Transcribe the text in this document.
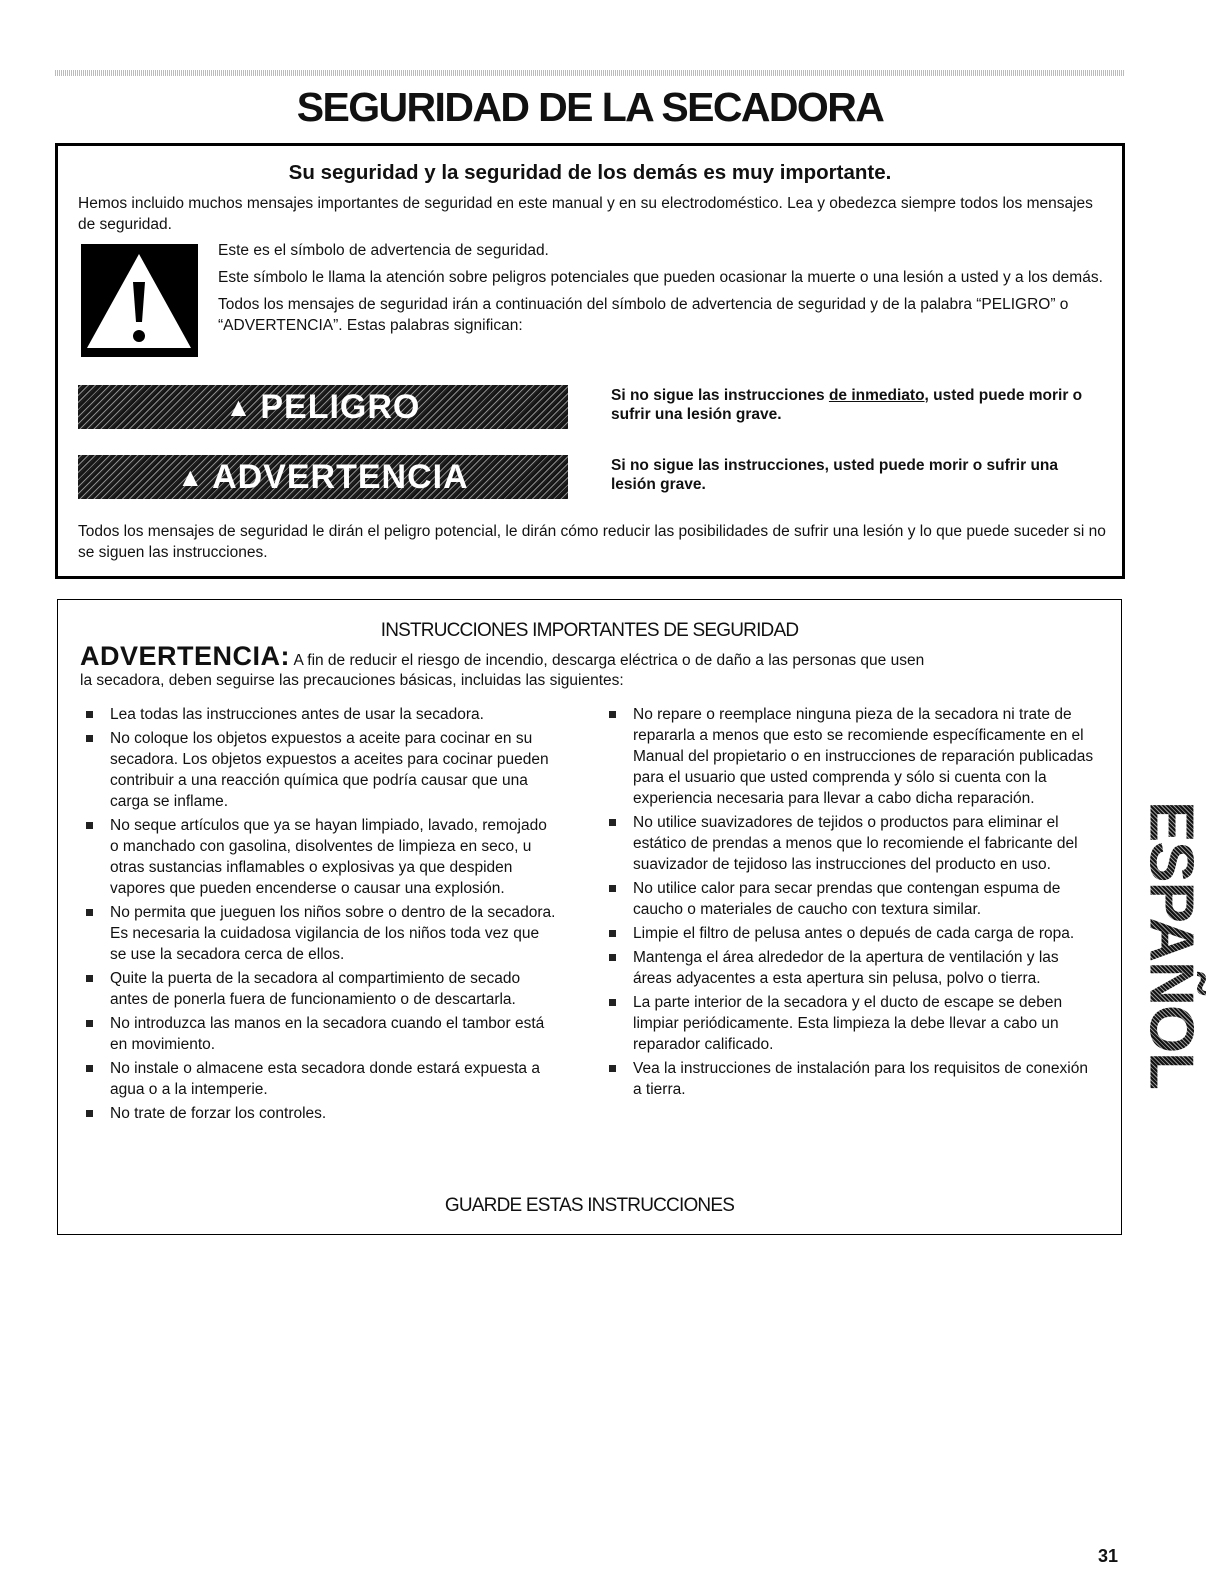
SEGURIDAD DE LA SECADORA
Su seguridad y la seguridad de los demás es muy importante.

Hemos incluido muchos mensajes importantes de seguridad en este manual y en su electrodoméstico. Lea y obedezca siempre todos los mensajes de seguridad.

Este es el símbolo de advertencia de seguridad.

Este símbolo le llama la atención sobre peligros potenciales que pueden ocasionar la muerte o una lesión a usted y a los demás.

Todos los mensajes de seguridad irán a continuación del símbolo de advertencia de seguridad y de la palabra “PELIGRO” o “ADVERTENCIA”. Estas palabras significan:

▲ PELIGRO	Si no sigue las instrucciones de inmediato, usted puede morir o sufrir una lesión grave.
▲ ADVERTENCIA	Si no sigue las instrucciones, usted puede morir o sufrir una lesión grave.

Todos los mensajes de seguridad le dirán el peligro potencial, le dirán cómo reducir las posibilidades de sufrir una lesión y lo que puede suceder si no se siguen las instrucciones.

INSTRUCCIONES IMPORTANTES DE SEGURIDAD
ADVERTENCIA: A fin de reducir el riesgo de incendio, descarga eléctrica o de daño a las personas que usen
la secadora, deben seguirse las precauciones básicas, incluidas las siguientes:
Lea todas las instrucciones antes de usar la secadora.
No coloque los objetos expuestos a aceite para cocinar en su secadora. Los objetos expuestos a aceites para cocinar pueden contribuir a una reacción química que podría causar que una carga se inflame.
No seque artículos que ya se hayan limpiado, lavado, remojado o manchado con gasolina, disolventes de limpieza en seco, u otras sustancias inflamables o explosivas ya que despiden vapores que pueden encenderse o causar una explosión.
No permita que jueguen los niños sobre o dentro de la secadora. Es necesaria la cuidadosa vigilancia de los niños toda vez que se use la secadora cerca de ellos.
Quite la puerta de la secadora al compartimiento de secado antes de ponerla fuera de funcionamiento o de descartarla.
No introduzca las manos en la secadora cuando el tambor está en movimiento.
No instale o almacene esta secadora donde estará expuesta a agua o a la intemperie.
No trate de forzar los controles.
No repare o reemplace ninguna pieza de la secadora ni trate de repararla a menos que esto se recomiende específicamente en el Manual del propietario o en instrucciones de reparación publicadas para el usuario que usted comprenda y sólo si cuenta con la experiencia necesaria para llevar a cabo dicha reparación.
No utilice suavizadores de tejidos o productos para eliminar el estático de prendas a menos que lo recomiende el fabricante del suavizador de tejidoso las instrucciones del producto en uso.
No utilice calor para secar prendas que contengan espuma de caucho o materiales de caucho con textura similar.
Limpie el filtro de pelusa antes o depués de cada carga de ropa.
Mantenga el área alrededor de la apertura de ventilación y las áreas adyacentes a esta apertura sin pelusa, polvo o tierra.
La parte interior de la secadora y el ducto de escape se deben limpiar periódicamente. Esta limpieza la debe llevar a cabo un reparador calificado.
Vea la instrucciones de instalación para los requisitos de conexión a tierra.
GUARDE ESTAS INSTRUCCIONES
ESPAÑOL
31
